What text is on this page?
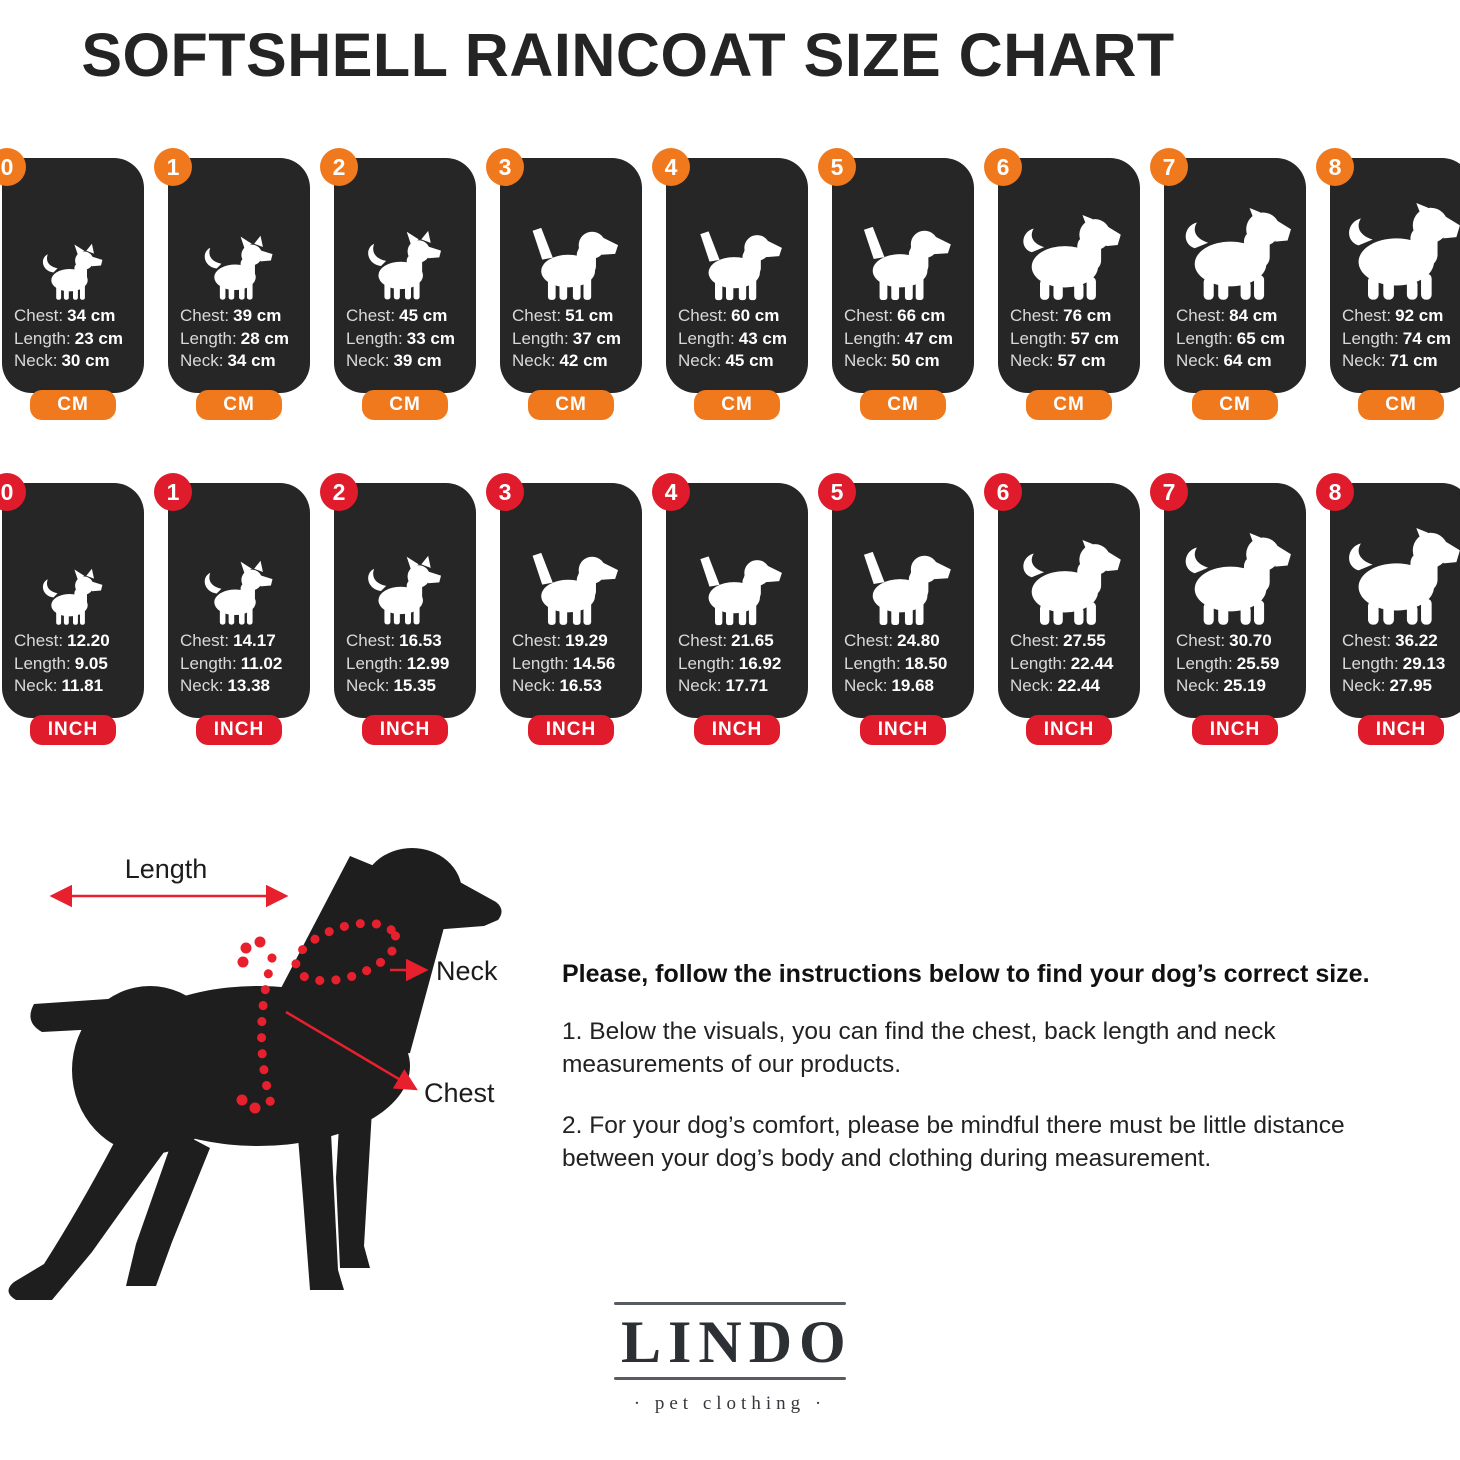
SOFTSHELL RAINCOAT SIZE CHART
0
Chest: 34 cm
Length: 23 cm
Neck: 30 cm
CM
1
Chest: 39 cm
Length: 28 cm
Neck: 34 cm
CM
2
Chest: 45 cm
Length: 33 cm
Neck: 39 cm
CM
3
Chest: 51 cm
Length: 37 cm
Neck: 42 cm
CM
4
Chest: 60 cm
Length: 43 cm
Neck: 45 cm
CM
5
Chest: 66 cm
Length: 47 cm
Neck: 50 cm
CM
6
Chest: 76 cm
Length: 57 cm
Neck: 57 cm
CM
7
Chest: 84 cm
Length: 65 cm
Neck: 64 cm
CM
8
Chest: 92 cm
Length: 74 cm
Neck: 71 cm
CM
0
Chest: 12.20
Length: 9.05
Neck: 11.81
INCH
1
Chest: 14.17
Length: 11.02
Neck: 13.38
INCH
2
Chest: 16.53
Length: 12.99
Neck: 15.35
INCH
3
Chest: 19.29
Length: 14.56
Neck: 16.53
INCH
4
Chest: 21.65
Length: 16.92
Neck: 17.71
INCH
5
Chest: 24.80
Length: 18.50
Neck: 19.68
INCH
6
Chest: 27.55
Length: 22.44
Neck: 22.44
INCH
7
Chest: 30.70
Length: 25.59
Neck: 25.19
INCH
8
Chest: 36.22
Length: 29.13
Neck: 27.95
INCH
Length
Neck
Chest
Please, follow the instructions below to find your dog’s correct size.

1. Below the visuals, you can find the chest, back length and neck measurements of our products.

2. For your dog’s comfort, please be mindful there must be little distance between your dog’s body and clothing during measurement.

LINDO
· pet clothing ·
